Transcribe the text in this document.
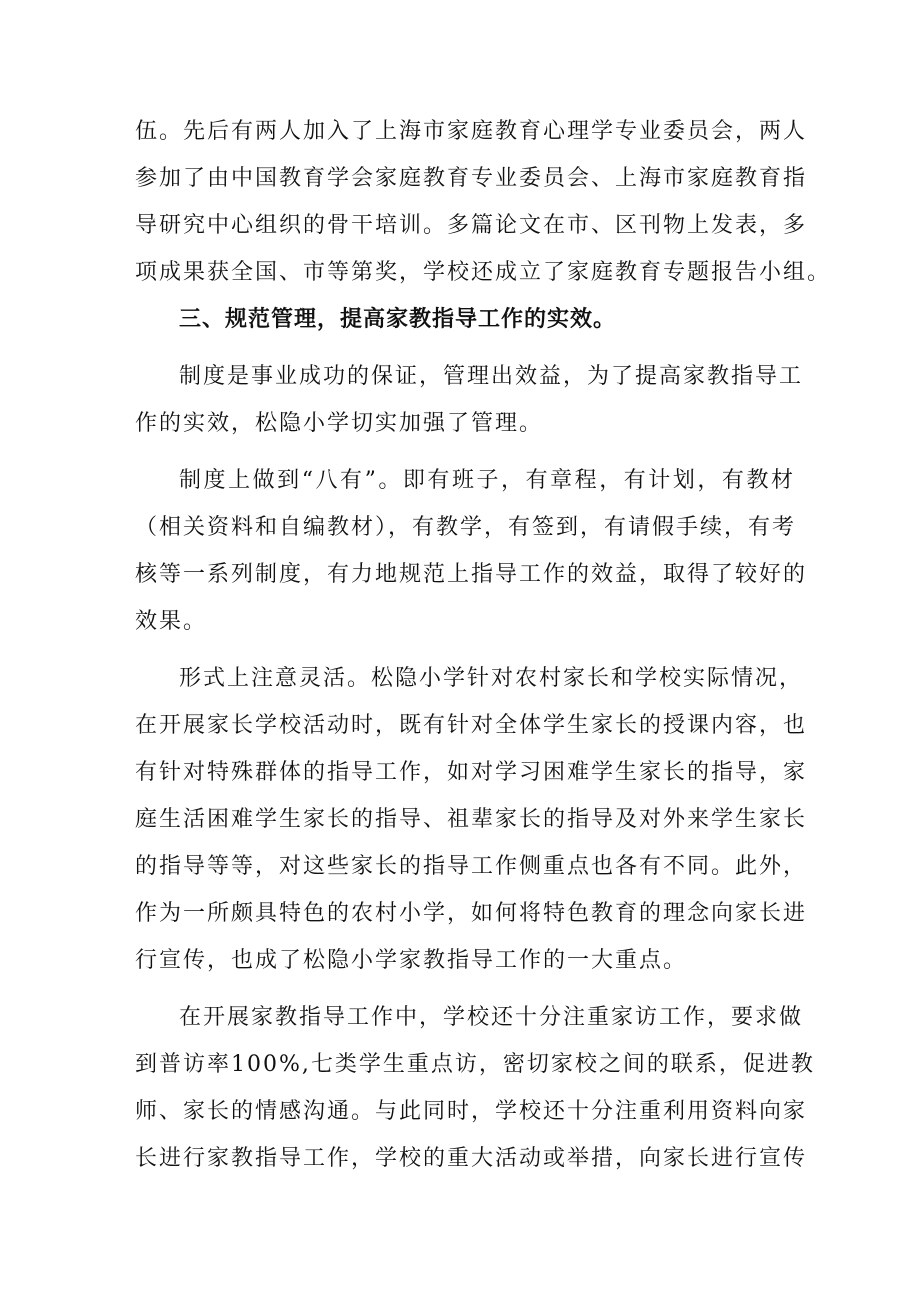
伍。先后有两人加入了上海市家庭教育心理学专业委员会，两人
参加了由中国教育学会家庭教育专业委员会、上海市家庭教育指
导研究中心组织的骨干培训。多篇论文在市、区刊物上发表，多
项成果获全国、市等第奖，学校还成立了家庭教育专题报告小组。
三、规范管理，提高家教指导工作的实效。
制度是事业成功的保证，管理出效益，为了提高家教指导工
作的实效，松隐小学切实加强了管理。
制度上做到“八有”。即有班子，有章程，有计划，有教材
（相关资料和自编教材），有教学，有签到，有请假手续，有考
核等一系列制度，有力地规范上指导工作的效益，取得了较好的
效果。
形式上注意灵活。松隐小学针对农村家长和学校实际情况，
在开展家长学校活动时，既有针对全体学生家长的授课内容，也
有针对特殊群体的指导工作，如对学习困难学生家长的指导，家
庭生活困难学生家长的指导、祖辈家长的指导及对外来学生家长
的指导等等，对这些家长的指导工作侧重点也各有不同。此外，
作为一所颇具特色的农村小学，如何将特色教育的理念向家长进
行宣传，也成了松隐小学家教指导工作的一大重点。
在开展家教指导工作中，学校还十分注重家访工作，要求做
到普访率100%,七类学生重点访，密切家校之间的联系，促进教
师、家长的情感沟通。与此同时，学校还十分注重利用资料向家
长进行家教指导工作，学校的重大活动或举措，向家长进行宣传
